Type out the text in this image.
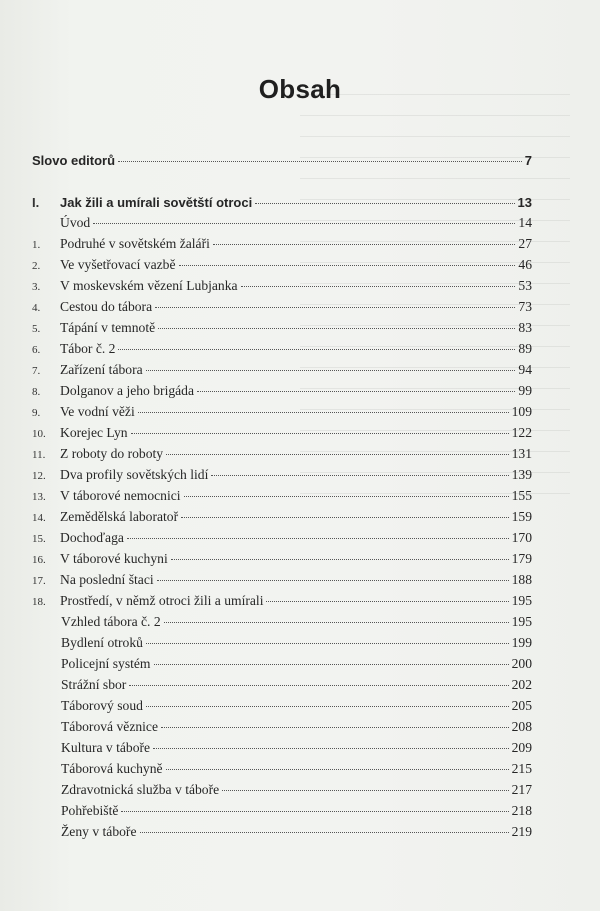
Obsah
Slovo editorů	7
I.	Jak žili a umírali sovětští otroci	13
Úvod	14
1.	Podruhé v sovětském žaláři	27
2.	Ve vyšetřovací vazbě	46
3.	V moskevském vězení Lubjanka	53
4.	Cestou do tábora	73
5.	Tápání v temnotě	83
6.	Tábor č. 2	89
7.	Zařízení tábora	94
8.	Dolganov a jeho brigáda	99
9.	Ve vodní věži	109
10.	Korejec Lyn	122
11.	Z roboty do roboty	131
12.	Dva profily sovětských lidí	139
13.	V táborové nemocnici	155
14.	Zemědělská laboratoř	159
15.	Dochoďaga	170
16.	V táborové kuchyni	179
17.	Na poslední štaci	188
18.	Prostředí, v němž otroci žili a umírali	195
Vzhled tábora č. 2	195
Bydlení otroků	199
Policejní systém	200
Strážní sbor	202
Táborový soud	205
Táborová věznice	208
Kultura v táboře	209
Táborová kuchyně	215
Zdravotnická služba v táboře	217
Pohřebiště	218
Ženy v táboře	219
